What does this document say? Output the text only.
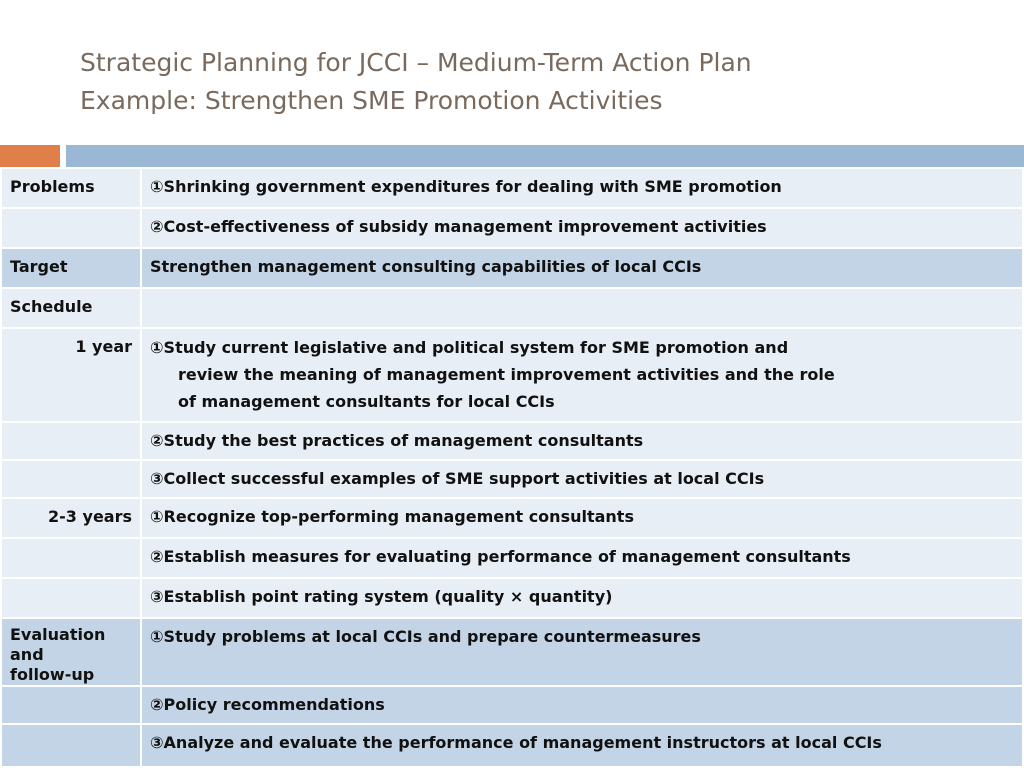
Strategic Planning for JCCI – Medium-Term Action Plan
Example: Strengthen SME Promotion Activities
Problems	①Shrinking government expenditures for dealing with SME promotion
	②Cost-effectiveness of subsidy management improvement activities
Target	Strengthen management consulting capabilities of local CCIs
Schedule	
1 year	①Study current legislative and political system for SME promotion and
review the meaning of management improvement activities and the role
of management consultants for local CCIs

	②Study the best practices of management consultants
	③Collect successful examples of SME support activities at local CCIs
2-3 years	①Recognize top-performing management consultants
	②Establish measures for evaluating performance of management consultants
	③Establish point rating system (quality × quantity)

Evaluation and
follow-up	①Study problems at local CCIs and prepare countermeasures
	②Policy recommendations
	③Analyze and evaluate the performance of management instructors at local CCIs
